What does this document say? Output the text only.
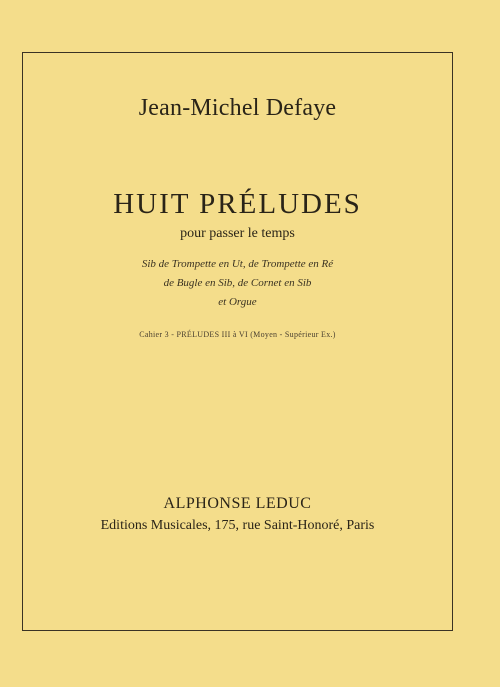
Jean-Michel Defaye
HUIT PRÉLUDES
pour passer le temps
Sib de Trompette en Ut, de Trompette en Ré
de Bugle en Sib, de Cornet en Sib
et Orgue
Cahier 3 - PRÉLUDES III à VI (Moyen - Supérieur Ex.)
ALPHONSE LEDUC
Editions Musicales, 175, rue Saint-Honoré, Paris
